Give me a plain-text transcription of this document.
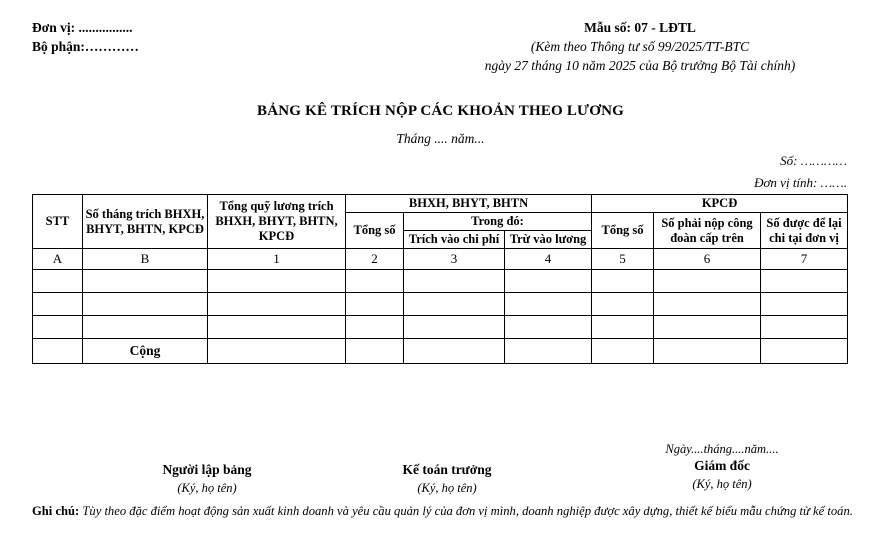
Đơn vị: ................
Bộ phận:…………
Mẫu số: 07 - LĐTL
(Kèm theo Thông tư số 99/2025/TT-BTC
ngày 27 tháng 10 năm 2025 của Bộ trưởng Bộ Tài chính)
BẢNG KÊ TRÍCH NỘP CÁC KHOẢN THEO LƯƠNG
Tháng .... năm...
Số: …………
Đơn vị tính: …….
STT	Số tháng trích BHXH, BHYT, BHTN, KPCĐ	Tổng quỹ lương trích BHXH, BHYT, BHTN, KPCĐ	BHXH, BHYT, BHTN			KPCĐ		
			Tổng số	Trong đó:		Tổng số	Số phải nộp công đoàn cấp trên	Số được để lại chi tại đơn vị
				Trích vào chi phí	Trừ vào lương			
A	B	1	2	3	4	5	6	7

	Cộng							
Người lập bảng
(Ký, họ tên)
Kế toán trưởng
(Ký, họ tên)
Ngày....tháng....năm....
Giám đốc
(Ký, họ tên)
Ghi chú: Tùy theo đặc điểm hoạt động sản xuất kinh doanh và yêu cầu quản lý của đơn vị mình, doanh nghiệp được xây dựng, thiết kế biểu mẫu chứng từ kế toán.
